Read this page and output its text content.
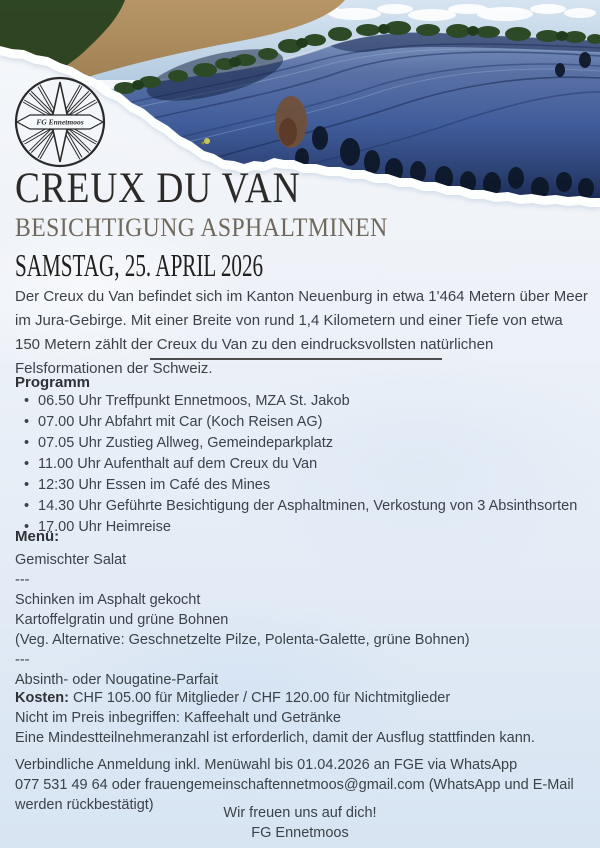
FG Ennetmoos
CREUX DU VAN
BESICHTIGUNG ASPHALTMINEN
SAMSTAG, 25. APRIL 2026

Der Creux du Van befindet sich im Kanton Neuenburg in etwa 1'464 Metern über Meer im Jura-Gebirge. Mit einer Breite von rund 1,4 Kilometern und einer Tiefe von etwa 150 Metern zählt der Creux du Van zu den eindrucksvollsten natürlichen Felsformationen der Schweiz.

Programm
• 06.50 Uhr Treffpunkt Ennetmoos, MZA St. Jakob
• 07.00 Uhr Abfahrt mit Car (Koch Reisen AG)
• 07.05 Uhr Zustieg Allweg, Gemeindeparkplatz
• 11.00 Uhr Aufenthalt auf dem Creux du Van
• 12:30 Uhr Essen im Café des Mines
• 14.30 Uhr Geführte Besichtigung der Asphaltminen, Verkostung von 3 Absinthsorten
• 17.00 Uhr Heimreise
Menü:
Gemischter Salat
---
Schinken im Asphalt gekocht
Kartoffelgratin und grüne Bohnen
(Veg. Alternative: Geschnetzelte Pilze, Polenta-Galette, grüne Bohnen)
---
Absinth- oder Nougatine-Parfait
Kosten: CHF 105.00 für Mitglieder / CHF 120.00 für Nichtmitglieder
Nicht im Preis inbegriffen: Kaffeehalt und Getränke
Eine Mindestteilnehmeranzahl ist erforderlich, damit der Ausflug stattfinden kann.
Verbindliche Anmeldung inkl. Menüwahl bis 01.04.2026 an FGE via WhatsApp
077 531 49 64 oder frauengemeinschaftennetmoos@gmail.com (WhatsApp und E-Mail
werden rückbestätigt)	Wir freuen uns auf dich!
FG Ennetmoos
